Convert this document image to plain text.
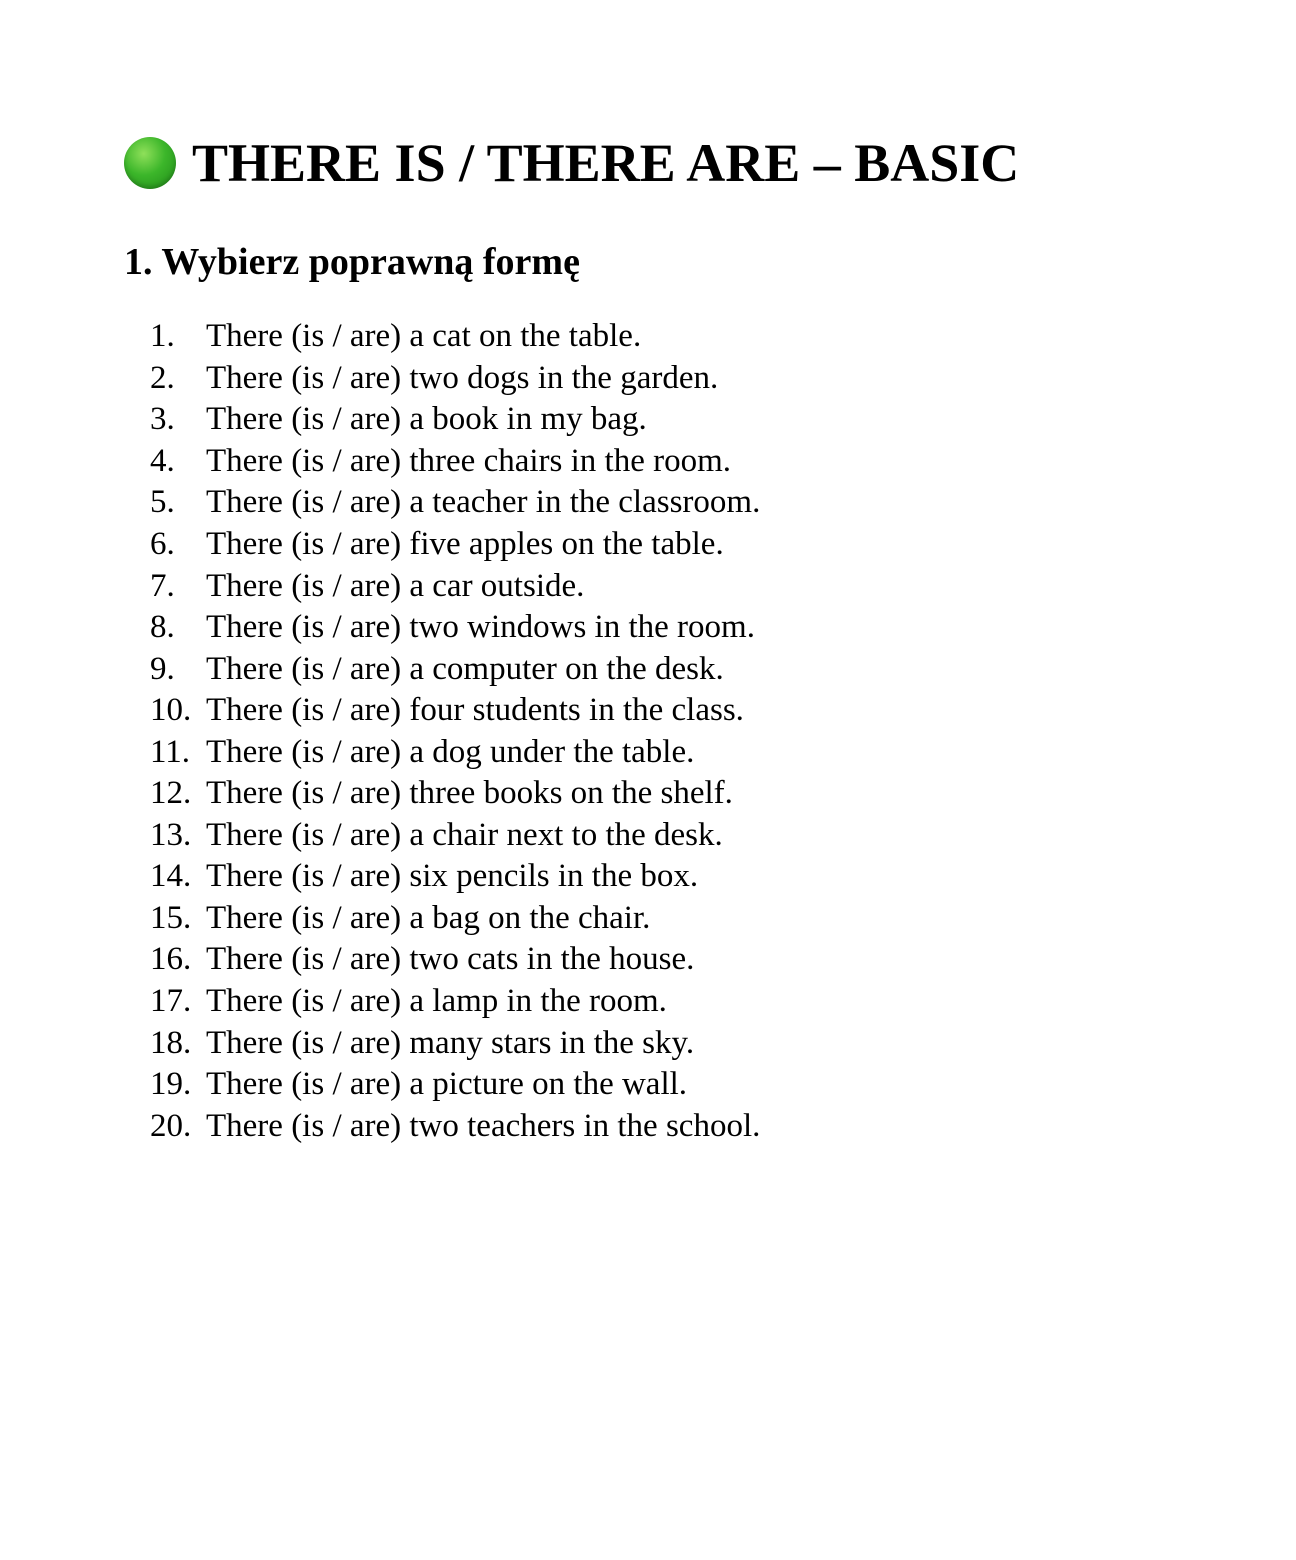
THERE IS / THERE ARE – BASIC
1. Wybierz poprawną formę
1. There (is / are) a cat on the table.
2. There (is / are) two dogs in the garden.
3. There (is / are) a book in my bag.
4. There (is / are) three chairs in the room.
5. There (is / are) a teacher in the classroom.
6. There (is / are) five apples on the table.
7. There (is / are) a car outside.
8. There (is / are) two windows in the room.
9. There (is / are) a computer on the desk.
10. There (is / are) four students in the class.
11. There (is / are) a dog under the table.
12. There (is / are) three books on the shelf.
13. There (is / are) a chair next to the desk.
14. There (is / are) six pencils in the box.
15. There (is / are) a bag on the chair.
16. There (is / are) two cats in the house.
17. There (is / are) a lamp in the room.
18. There (is / are) many stars in the sky.
19. There (is / are) a picture on the wall.
20. There (is / are) two teachers in the school.
